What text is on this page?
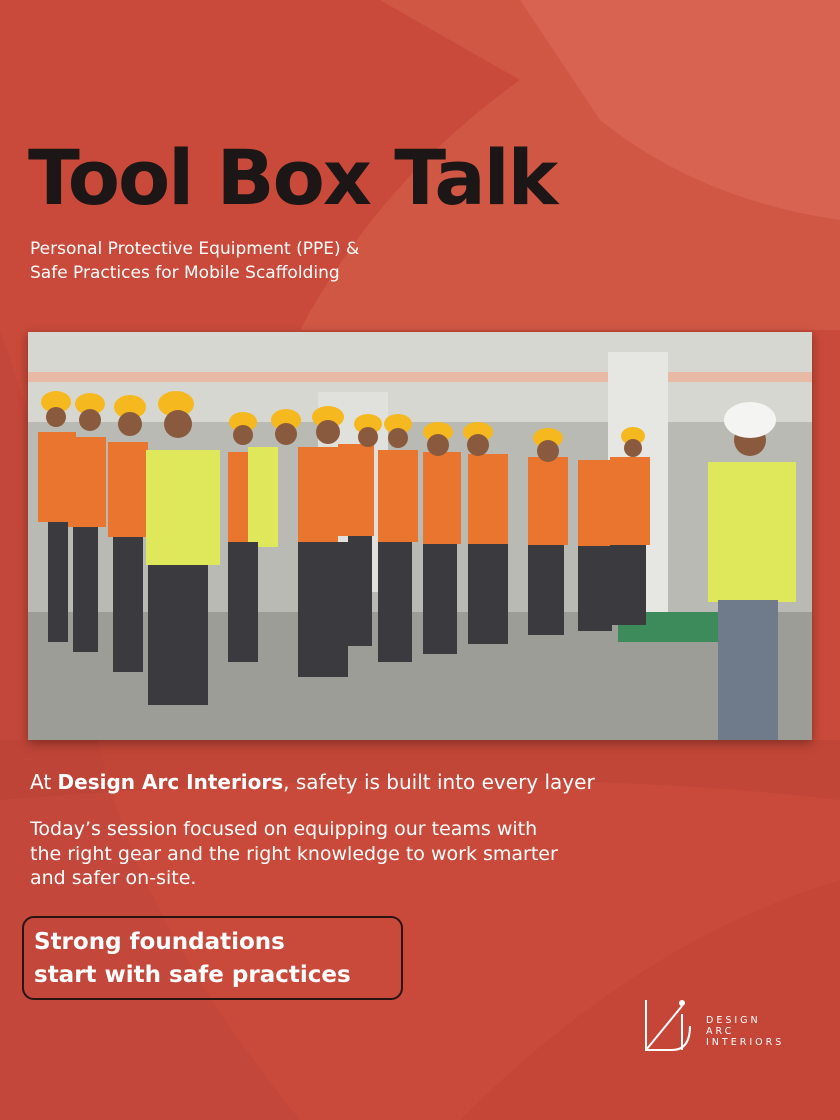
Tool Box Talk
Personal Protective Equipment (PPE) &
Safe Practices for Mobile Scaffolding
At Design Arc Interiors, safety is built into every layer
Today’s session focused on equipping our teams with
the right gear and the right knowledge to work smarter
and safer on-site.
Strong foundations
start with safe practices
DESIGN
ARC
INTERIORS
